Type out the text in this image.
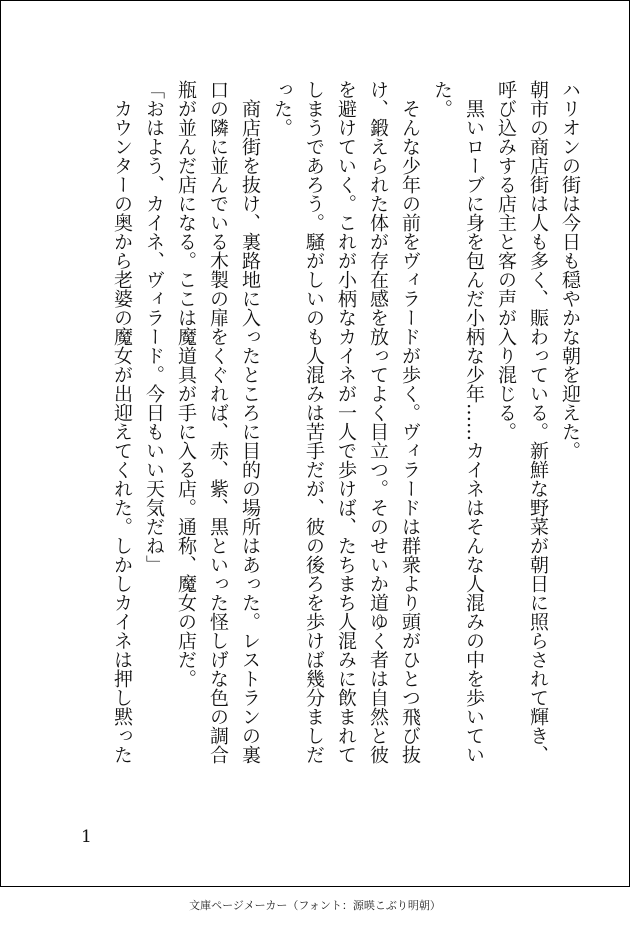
ハリオンの街は今日も穏やかな朝を迎えた。

朝市の商店街は人も多く、賑わっている。新鮮な野菜が朝日に照らされて輝き、

呼び込みする店主と客の声が入り混じる。

　黒いローブに身を包んだ小柄な少年……カイネはそんな人混みの中を歩いてい

た。

　そんな少年の前をヴィラードが歩く。ヴィラードは群衆より頭がひとつ飛び抜

け、鍛えられた体が存在感を放ってよく目立つ。そのせいか道ゆく者は自然と彼

を避けていく。これが小柄なカイネが一人で歩けば、たちまち人混みに飲まれて

しまうであろう。騒がしいのも人混みは苦手だが、彼の後ろを歩けば幾分ましだ

った。

　商店街を抜け、裏路地に入ったところに目的の場所はあった。レストランの裏

口の隣に並んでいる木製の扉をくぐれば、赤、紫、黒といった怪しげな色の調合

瓶が並んだ店になる。ここは魔道具が手に入る店。通称、魔女の店だ。

「おはよう、カイネ、ヴィラード。今日もいい天気だね」

　カウンターの奥から老婆の魔女が出迎えてくれた。しかしカイネは押し黙った

1
文庫ページメーカー（フォント：源暎こぶり明朝）
